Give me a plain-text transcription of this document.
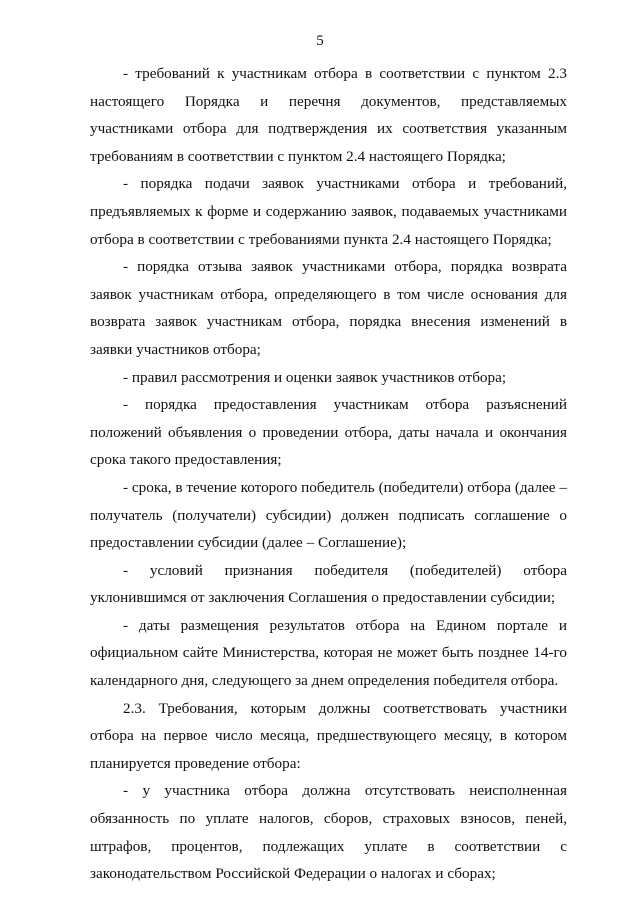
5

- требований к участникам отбора в соответствии с пунктом 2.3 настоящего Порядка и перечня документов, представляемых участниками отбора для подтверждения их соответствия указанным требованиям в соответствии с пунктом 2.4 настоящего Порядка;

- порядка подачи заявок участниками отбора и требований, предъявляемых к форме и содержанию заявок, подаваемых участниками отбора в соответствии с требованиями пункта 2.4 настоящего Порядка;

- порядка отзыва заявок участниками отбора, порядка возврата заявок участникам отбора, определяющего в том числе основания для возврата заявок участникам отбора, порядка внесения изменений в заявки участников отбора;

- правил рассмотрения и оценки заявок участников отбора;

- порядка предоставления участникам отбора разъяснений положений объявления о проведении отбора, даты начала и окончания срока такого предоставления;

- срока, в течение которого победитель (победители) отбора (далее – получатель (получатели) субсидии) должен подписать соглашение о предоставлении субсидии (далее – Соглашение);

- условий признания победителя (победителей) отбора уклонившимся от заключения Соглашения о предоставлении субсидии;

- даты размещения результатов отбора на Едином портале и официальном сайте Министерства, которая не может быть позднее 14-го календарного дня, следующего за днем определения победителя отбора.

2.3. Требования, которым должны соответствовать участники отбора на первое число месяца, предшествующего месяцу, в котором планируется проведение отбора:

- у участника отбора должна отсутствовать неисполненная обязанность по уплате налогов, сборов, страховых взносов, пеней, штрафов, процентов, подлежащих уплате в соответствии с законодательством Российской Федерации о налогах и сборах;
